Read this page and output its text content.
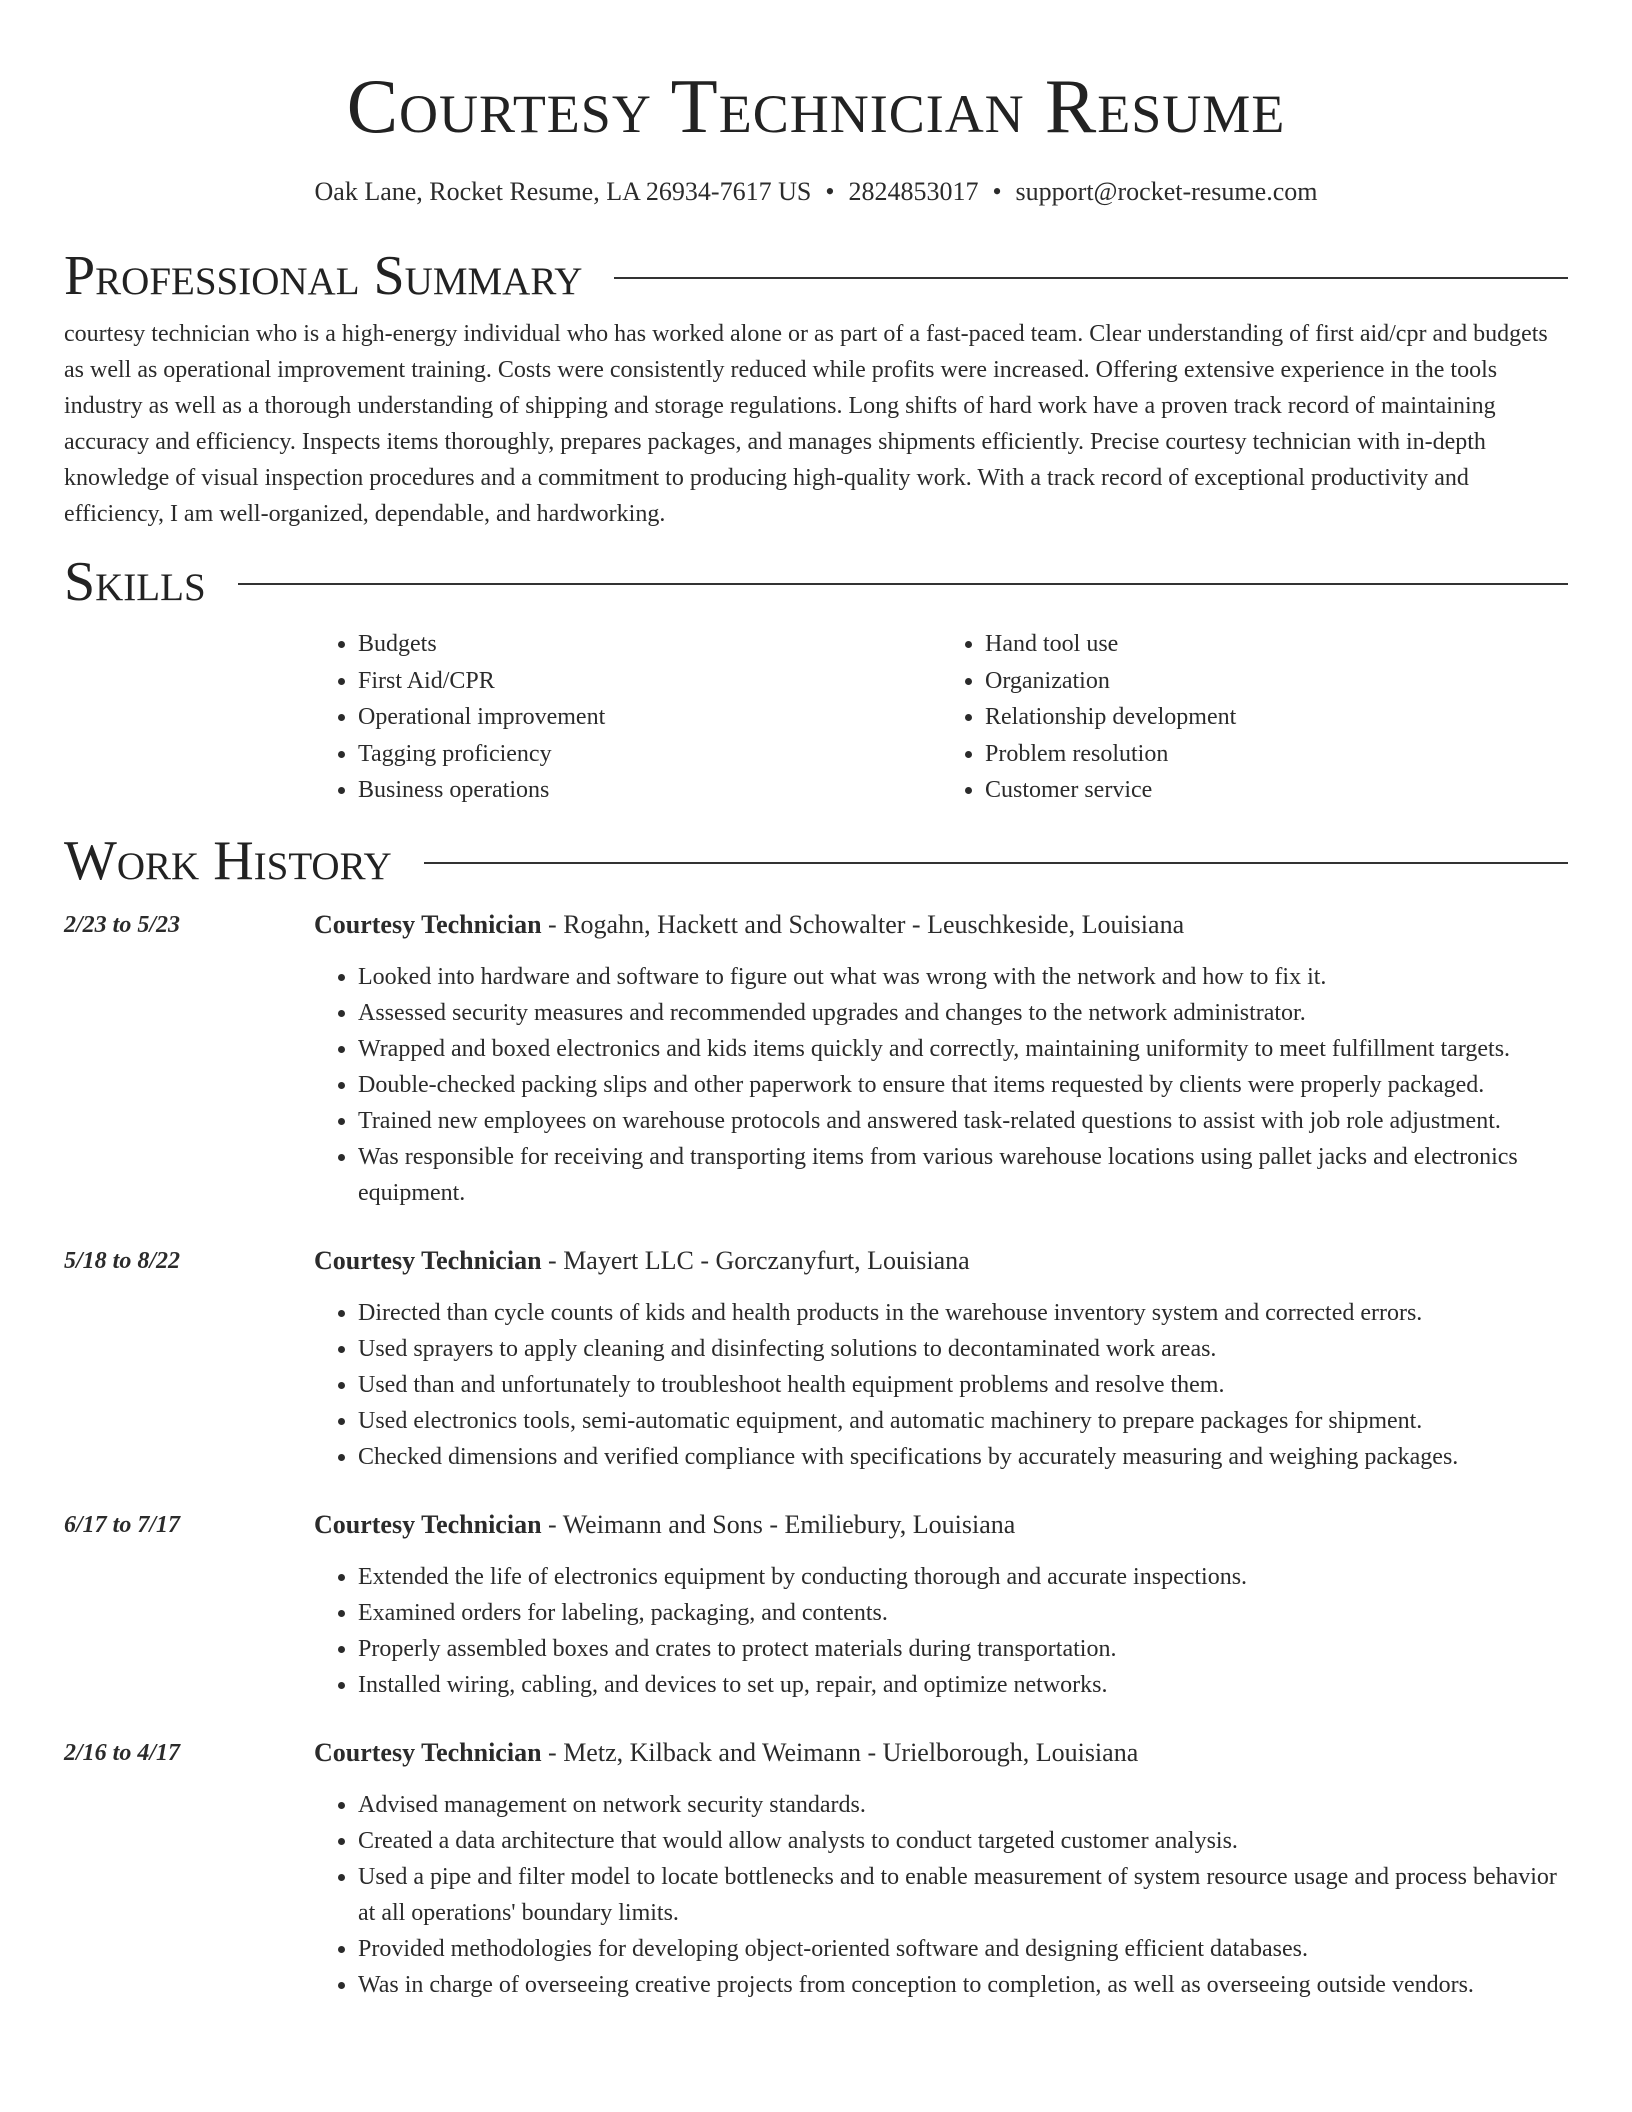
Courtesy Technician Resume
Oak Lane, Rocket Resume, LA 26934-7617 US • 2824853017 • support@rocket-resume.com
Professional Summary

courtesy technician who is a high-energy individual who has worked alone or as part of a fast-paced team. Clear understanding of first aid/cpr and budgets as well as operational improvement training. Costs were consistently reduced while profits were increased. Offering extensive experience in the tools industry as well as a thorough understanding of shipping and storage regulations. Long shifts of hard work have a proven track record of maintaining accuracy and efficiency. Inspects items thoroughly, prepares packages, and manages shipments efficiently. Precise courtesy technician with in-depth knowledge of visual inspection procedures and a commitment to producing high-quality work. With a track record of exceptional productivity and efficiency, I am well-organized, dependable, and hardworking.

Skills
• Budgets
• First Aid/CPR
• Operational improvement
• Tagging proficiency
• Business operations
• Hand tool use
• Organization
• Relationship development
• Problem resolution
• Customer service
Work History
2/23 to 5/23	Courtesy Technician - Rogahn, Hackett and Schowalter - Leuschkeside, Louisiana
• Looked into hardware and software to figure out what was wrong with the network and how to fix it.
• Assessed security measures and recommended upgrades and changes to the network administrator.
• Wrapped and boxed electronics and kids items quickly and correctly, maintaining uniformity to meet fulfillment targets.
• Double-checked packing slips and other paperwork to ensure that items requested by clients were properly packaged.
• Trained new employees on warehouse protocols and answered task-related questions to assist with job role adjustment.
• Was responsible for receiving and transporting items from various warehouse locations using pallet jacks and electronics equipment.
5/18 to 8/22	Courtesy Technician - Mayert LLC - Gorczanyfurt, Louisiana
• Directed than cycle counts of kids and health products in the warehouse inventory system and corrected errors.
• Used sprayers to apply cleaning and disinfecting solutions to decontaminated work areas.
• Used than and unfortunately to troubleshoot health equipment problems and resolve them.
• Used electronics tools, semi-automatic equipment, and automatic machinery to prepare packages for shipment.
• Checked dimensions and verified compliance with specifications by accurately measuring and weighing packages.
6/17 to 7/17	Courtesy Technician - Weimann and Sons - Emiliebury, Louisiana
• Extended the life of electronics equipment by conducting thorough and accurate inspections.
• Examined orders for labeling, packaging, and contents.
• Properly assembled boxes and crates to protect materials during transportation.
• Installed wiring, cabling, and devices to set up, repair, and optimize networks.
2/16 to 4/17	Courtesy Technician - Metz, Kilback and Weimann - Urielborough, Louisiana
• Advised management on network security standards.
• Created a data architecture that would allow analysts to conduct targeted customer analysis.
• Used a pipe and filter model to locate bottlenecks and to enable measurement of system resource usage and process behavior at all operations' boundary limits.
• Provided methodologies for developing object-oriented software and designing efficient databases.
• Was in charge of overseeing creative projects from conception to completion, as well as overseeing outside vendors.
